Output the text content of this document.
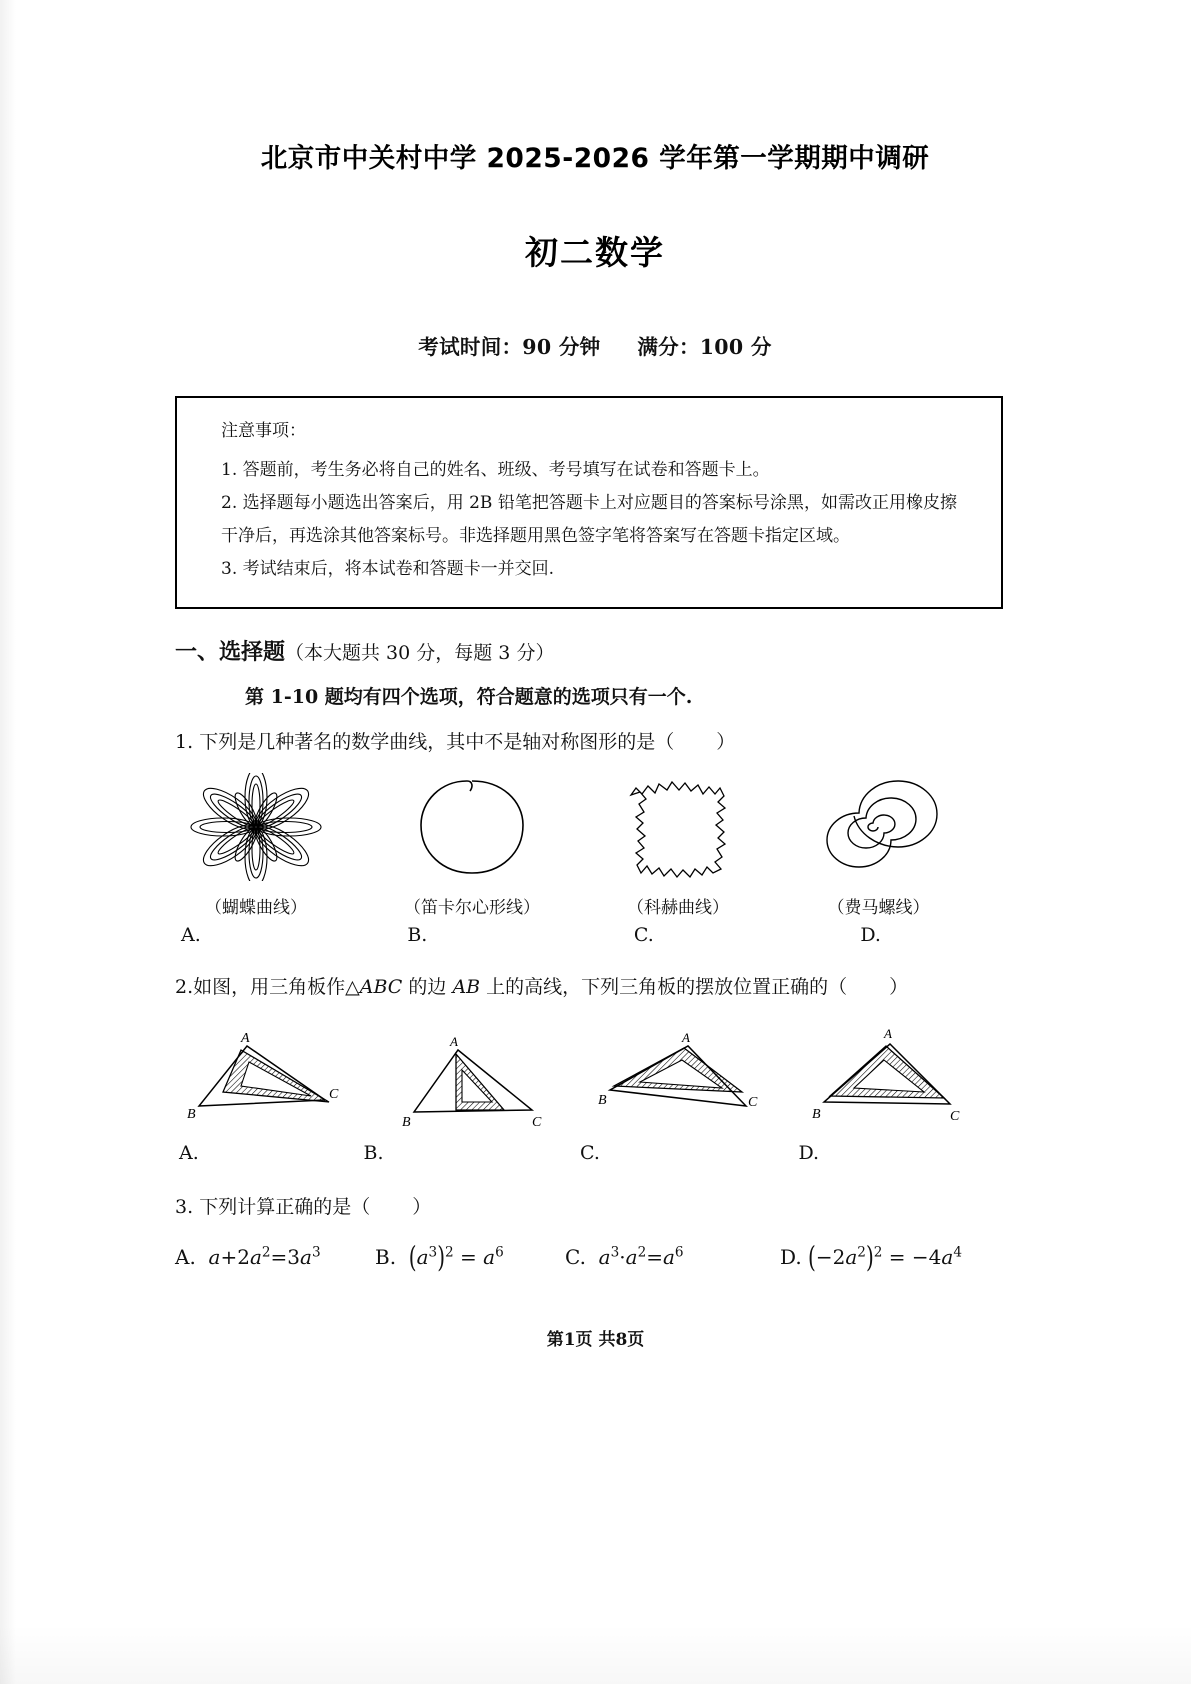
北京市中关村中学 2025-2026 学年第一学期期中调研
初二数学
考试时间：90 分钟 满分：100 分
注意事项：
1. 答题前，考生务必将自己的姓名、班级、考号填写在试卷和答题卡上。
2. 选择题每小题选出答案后，用 2B 铅笔把答题卡上对应题目的答案标号涂黑，如需改正用橡皮擦干净后，再选涂其他答案标号。非选择题用黑色签字笔将答案写在答题卡指定区域。
3. 考试结束后，将本试卷和答题卡一并交回.
一、选择题（本大题共 30 分，每题 3 分）
第 1-10 题均有四个选项，符合题意的选项只有一个.
1. 下列是几种著名的数学曲线，其中不是轴对称图形的是（ ）
（蝴蝶曲线）	（笛卡尔心形线）	（科赫曲线）	（费马螺线）
A.	B.	C.	D.
2.如图，用三角板作△ABC 的边 AB 上的高线，下列三角板的摆放位置正确的（ ）
A
B
C
A
B	C
A
B	C
A
B	C
A.	B.	C.	D.
3. 下列计算正确的是（ ）
A. $a+2a^2=3a^3$	B. $(a^3)^2 = a^6$	C. $a^3\cdot a^2=a^6$	D. $(-2a^2)^2 = -4a^4$
第1页 共8页
